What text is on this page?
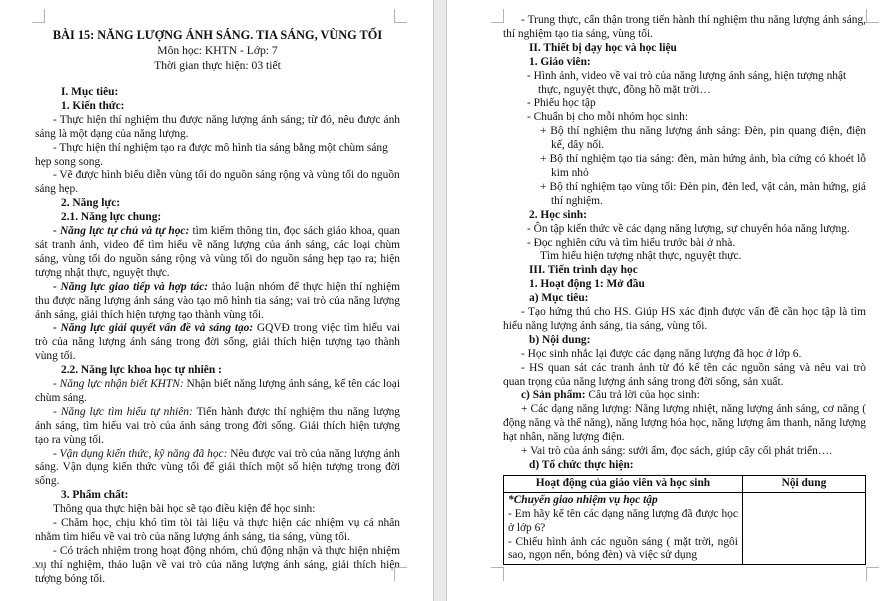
BÀI 15: NĂNG LƯỢNG ÁNH SÁNG. TIA SÁNG, VÙNG TỐI

Môn học: KHTN - Lớp: 7

Thời gian thực hiện: 03 tiết

I. Mục tiêu:

1. Kiến thức:

- Thực hiện thí nghiệm thu được năng lượng ánh sáng; từ đó, nêu được ánh sáng là một dạng của năng lượng.

- Thực hiện thí nghiệm tạo ra được mô hình tia sáng bằng một chùm sáng hẹp song song.

- Vẽ được hình biểu diễn vùng tối do nguồn sáng rộng và vùng tối do nguồn sáng hẹp.

2. Năng lực:

2.1. Năng lực chung:

- Năng lực tự chủ và tự học: tìm kiếm thông tin, đọc sách giáo khoa, quan sát tranh ảnh, video để tìm hiểu về năng lượng của ánh sáng, các loại chùm sáng, vùng tối do nguồn sáng rộng và vùng tối do nguồn sáng hẹp tạo ra; hiện tượng nhật thực, nguyệt thực.

- Năng lực giao tiếp và hợp tác: thảo luận nhóm để thực hiện thí nghiệm thu được năng lượng ánh sáng vào tạo mô hình tia sáng; vai trò của năng lượng ánh sáng, giải thích hiện tượng tạo thành vùng tối.

- Năng lực giải quyết vấn đề và sáng tạo: GQVĐ trong việc tìm hiểu vai trò của năng lượng ánh sáng trong đời sống, giải thích hiện tượng tạo thành vùng tối.

2.2. Năng lực khoa học tự nhiên :

- Năng lực nhận biết KHTN: Nhận biết năng lượng ánh sáng, kể tên các loại chùm sáng.

- Năng lực tìm hiểu tự nhiên: Tiến hành được thí nghiệm thu năng lượng ánh sáng, tìm hiểu vai trò của ánh sáng trong đời sống. Giải thích hiện tượng tạo ra vùng tối.

- Vận dụng kiến thức, kỹ năng đã học: Nêu được vai trò của năng lượng ánh sáng. Vận dụng kiến thức vùng tối để giải thích một số hiện tượng trong đời sống.

3. Phẩm chất:

Thông qua thực hiện bài học sẽ tạo điều kiện để học sinh:

- Chăm học, chịu khó tìm tòi tài liệu và thực hiện các nhiệm vụ cá nhân nhằm tìm hiểu về vai trò của năng lượng ánh sáng, tia sáng, vùng tối.

- Có trách nhiệm trong hoạt động nhóm, chủ động nhận và thực hiện nhiệm vụ thí nghiệm, thảo luận về vai trò của năng lượng ánh sáng, giải thích hiện tượng bóng tối.

- Trung thực, cẩn thận trong tiến hành thí nghiệm thu năng lượng ánh sáng, thí nghiệm tạo tia sáng, vùng tối.

II. Thiết bị dạy học và học liệu

1. Giáo viên:

- Hình ảnh, video về vai trò của năng lượng ánh sáng, hiện tượng nhật thực, nguyệt thực, đồng hồ mặt trời…

- Phiếu học tập

- Chuẩn bị cho mỗi nhóm học sinh:

+ Bộ thí nghiệm thu năng lượng ánh sáng: Đèn, pin quang điện, điện kế, dây nối.

+ Bộ thí nghiệm tạo tia sáng: đèn, màn hứng ảnh, bìa cứng có khoét lỗ kim nhỏ

+ Bộ thí nghiệm tạo vùng tối: Đèn pin, đèn led, vật cản, màn hứng, giá thí nghiệm.

2. Học sinh:

- Ôn tập kiến thức về các dạng năng lượng, sự chuyển hóa năng lượng.

- Đọc nghiên cứu và tìm hiểu trước bài ở nhà.

Tìm hiểu hiện tượng nhật thực, nguyệt thực.

III. Tiến trình dạy học

1. Hoạt động 1: Mở đầu

a) Mục tiêu:

- Tạo hứng thú cho HS. Giúp HS xác định được vấn đề cần học tập là tìm hiểu năng lượng ánh sáng, tia sáng, vùng tối.

b) Nội dung:

- Học sinh nhắc lại được các dạng năng lượng đã học ở lớp 6.

- HS quan sát các tranh ảnh từ đó kể tên các nguồn sáng và nêu vai trò quan trọng của năng lượng ánh sáng trong đời sống, sản xuất.

c) Sản phẩm: Câu trả lời của học sinh:

+ Các dạng năng lượng: Năng lượng nhiệt, năng lượng ánh sáng, cơ năng ( động năng và thế năng), năng lượng hóa học, năng lượng âm thanh, năng lượng hạt nhân, năng lượng điện.

+ Vai trò của ánh sáng: sưởi ấm, đọc sách, giúp cây cối phát triển….

d) Tổ chức thực hiện:

Hoạt động của giáo viên và học sinh	Nội dung

*Chuyển giao nhiệm vụ học tập

- Em hãy kể tên các dạng năng lượng đã được học ở lớp 6?

- Chiếu hình ảnh các nguồn sáng ( mặt trời, ngôi sao, ngọn nến, bóng đèn) và việc sử dụng	
